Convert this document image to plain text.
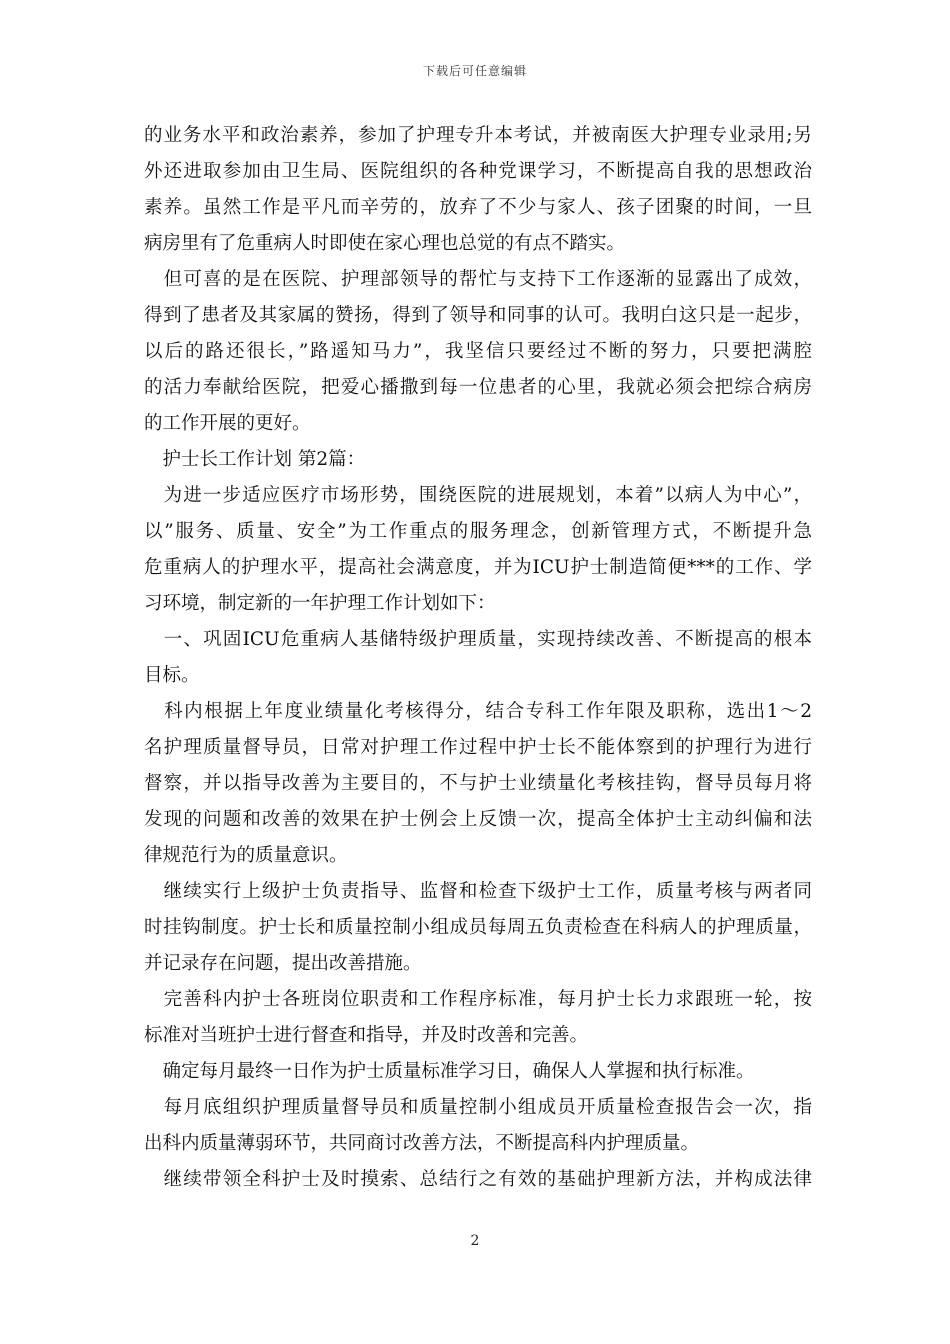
下载后可任意编辑
的业务水平和政治素养，参加了护理专升本考试，并被南医大护理专业录用;另
外还进取参加由卫生局、医院组织的各种党课学习，不断提高自我的思想政治
素养。虽然工作是平凡而辛劳的，放弃了不少与家人、孩子团聚的时间，一旦
病房里有了危重病人时即使在家心理也总觉的有点不踏实。
　但可喜的是在医院、护理部领导的帮忙与支持下工作逐渐的显露出了成效，
得到了患者及其家属的赞扬，得到了领导和同事的认可。我明白这只是一起步，
以后的路还很长，”路遥知马力”，我坚信只要经过不断的努力，只要把满腔
的活力奉献给医院，把爱心播撒到每一位患者的心里，我就必须会把综合病房
的工作开展的更好。
　护士长工作计划 第2篇：
　为进一步适应医疗市场形势，围绕医院的进展规划，本着”以病人为中心”，
以”服务、质量、安全”为工作重点的服务理念，创新管理方式，不断提升急
危重病人的护理水平，提高社会满意度，并为ICU护士制造简便***的工作、学
习环境，制定新的一年护理工作计划如下：
　一、巩固ICU危重病人基储特级护理质量，实现持续改善、不断提高的根本
目标。
　科内根据上年度业绩量化考核得分，结合专科工作年限及职称，选出1～2
名护理质量督导员，日常对护理工作过程中护士长不能体察到的护理行为进行
督察，并以指导改善为主要目的，不与护士业绩量化考核挂钩，督导员每月将
发现的问题和改善的效果在护士例会上反馈一次，提高全体护士主动纠偏和法
律规范行为的质量意识。
　继续实行上级护士负责指导、监督和检查下级护士工作，质量考核与两者同
时挂钩制度。护士长和质量控制小组成员每周五负责检查在科病人的护理质量，
并记录存在问题，提出改善措施。
　完善科内护士各班岗位职责和工作程序标准，每月护士长力求跟班一轮，按
标准对当班护士进行督查和指导，并及时改善和完善。
　确定每月最终一日作为护士质量标准学习日，确保人人掌握和执行标准。
　每月底组织护理质量督导员和质量控制小组成员开质量检查报告会一次，指
出科内质量薄弱环节，共同商讨改善方法，不断提高科内护理质量。
　继续带领全科护士及时摸索、总结行之有效的基础护理新方法，并构成法律
2
